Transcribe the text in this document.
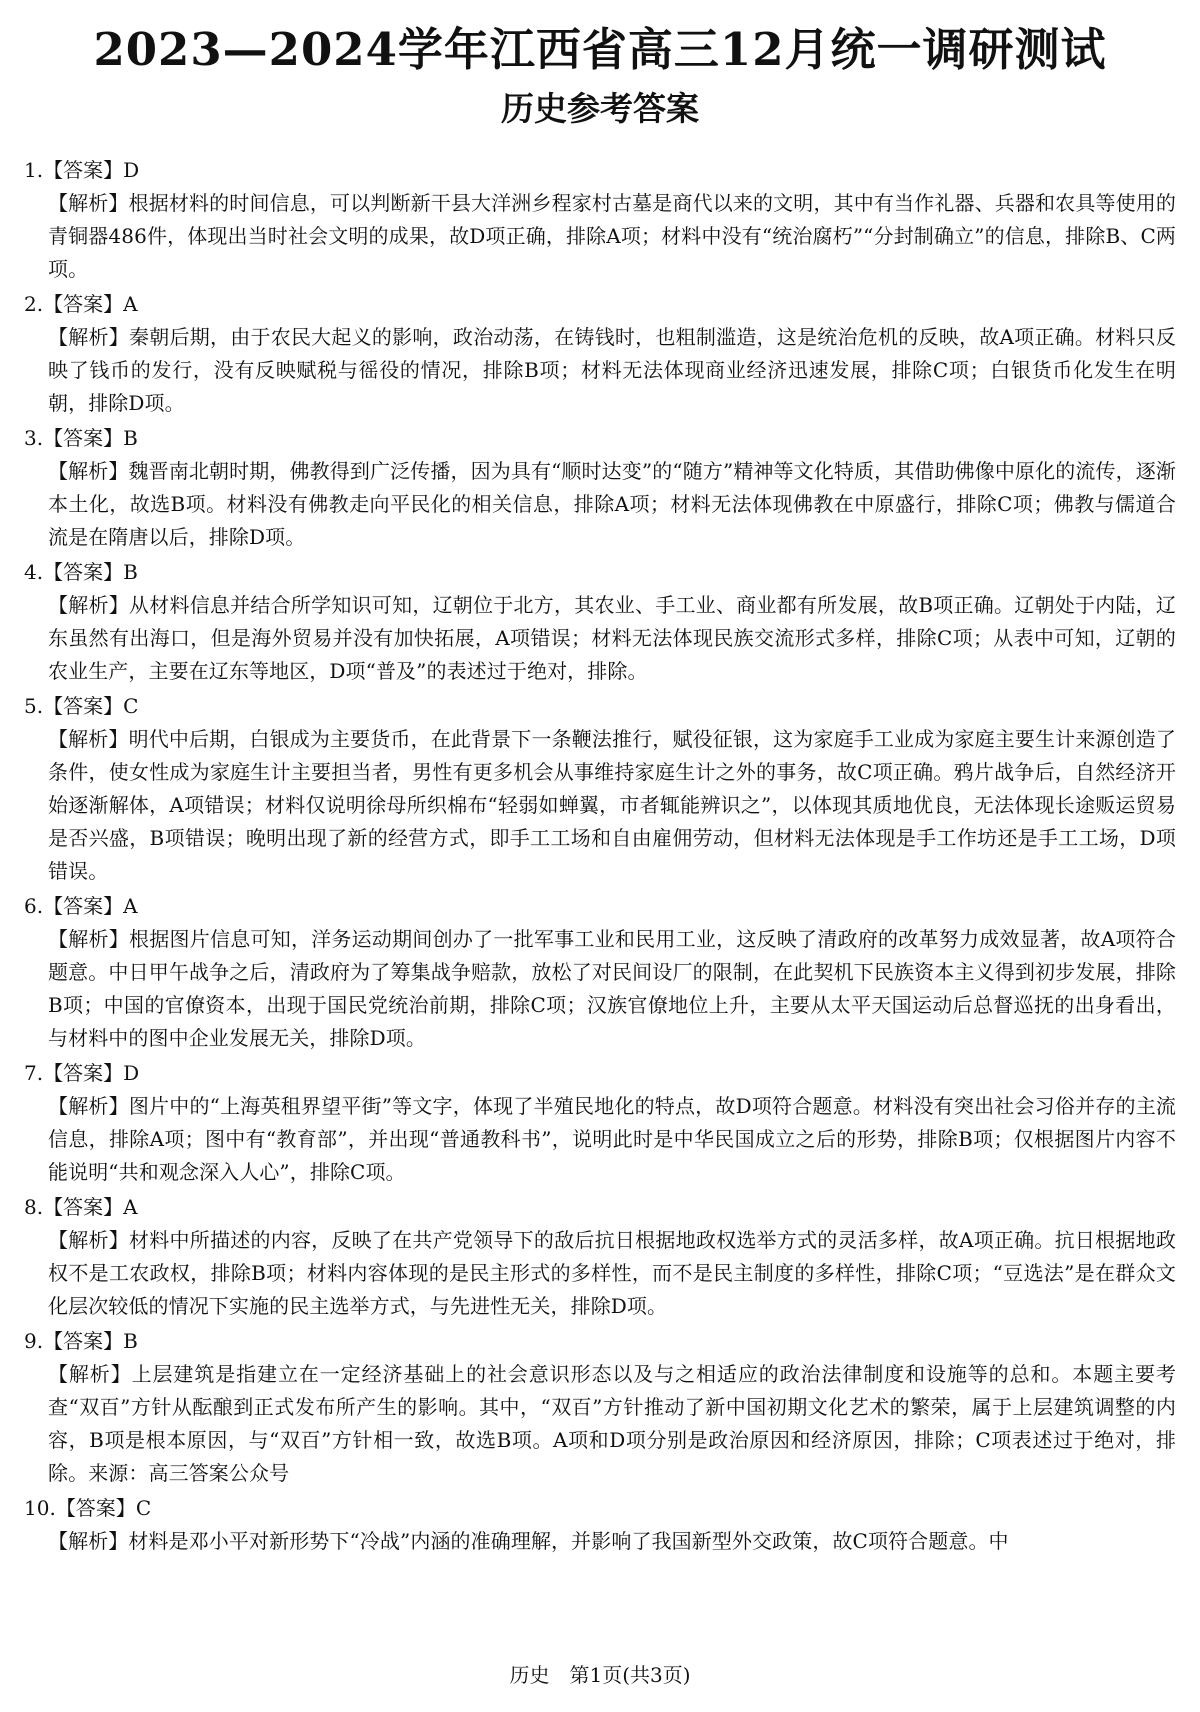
2023—2024学年江西省高三12月统一调研测试
历史参考答案

1.【答案】D

【解析】根据材料的时间信息，可以判断新干县大洋洲乡程家村古墓是商代以来的文明，其中有当作礼器、兵器和农具等使用的青铜器486件，体现出当时社会文明的成果，故D项正确，排除A项；材料中没有“统治腐朽”“分封制确立”的信息，排除B、C两项。

2.【答案】A

【解析】秦朝后期，由于农民大起义的影响，政治动荡，在铸钱时，也粗制滥造，这是统治危机的反映，故A项正确。材料只反映了钱币的发行，没有反映赋税与徭役的情况，排除B项；材料无法体现商业经济迅速发展，排除C项；白银货币化发生在明朝，排除D项。

3.【答案】B

【解析】魏晋南北朝时期，佛教得到广泛传播，因为具有“顺时达变”的“随方”精神等文化特质，其借助佛像中原化的流传，逐渐本土化，故选B项。材料没有佛教走向平民化的相关信息，排除A项；材料无法体现佛教在中原盛行，排除C项；佛教与儒道合流是在隋唐以后，排除D项。

4.【答案】B

【解析】从材料信息并结合所学知识可知，辽朝位于北方，其农业、手工业、商业都有所发展，故B项正确。辽朝处于内陆，辽东虽然有出海口，但是海外贸易并没有加快拓展，A项错误；材料无法体现民族交流形式多样，排除C项；从表中可知，辽朝的农业生产，主要在辽东等地区，D项“普及”的表述过于绝对，排除。

5.【答案】C

【解析】明代中后期，白银成为主要货币，在此背景下一条鞭法推行，赋役征银，这为家庭手工业成为家庭主要生计来源创造了条件，使女性成为家庭生计主要担当者，男性有更多机会从事维持家庭生计之外的事务，故C项正确。鸦片战争后，自然经济开始逐渐解体，A项错误；材料仅说明徐母所织棉布“轻弱如蝉翼，市者辄能辨识之”，以体现其质地优良，无法体现长途贩运贸易是否兴盛，B项错误；晚明出现了新的经营方式，即手工工场和自由雇佣劳动，但材料无法体现是手工作坊还是手工工场，D项错误。

6.【答案】A

【解析】根据图片信息可知，洋务运动期间创办了一批军事工业和民用工业，这反映了清政府的改革努力成效显著，故A项符合题意。中日甲午战争之后，清政府为了筹集战争赔款，放松了对民间设厂的限制，在此契机下民族资本主义得到初步发展，排除B项；中国的官僚资本，出现于国民党统治前期，排除C项；汉族官僚地位上升，主要从太平天国运动后总督巡抚的出身看出，与材料中的图中企业发展无关，排除D项。

7.【答案】D

【解析】图片中的“上海英租界望平街”等文字，体现了半殖民地化的特点，故D项符合题意。材料没有突出社会习俗并存的主流信息，排除A项；图中有“教育部”，并出现“普通教科书”，说明此时是中华民国成立之后的形势，排除B项；仅根据图片内容不能说明“共和观念深入人心”，排除C项。

8.【答案】A

【解析】材料中所描述的内容，反映了在共产党领导下的敌后抗日根据地政权选举方式的灵活多样，故A项正确。抗日根据地政权不是工农政权，排除B项；材料内容体现的是民主形式的多样性，而不是民主制度的多样性，排除C项；“豆选法”是在群众文化层次较低的情况下实施的民主选举方式，与先进性无关，排除D项。

9.【答案】B

【解析】上层建筑是指建立在一定经济基础上的社会意识形态以及与之相适应的政治法律制度和设施等的总和。本题主要考查“双百”方针从酝酿到正式发布所产生的影响。其中，“双百”方针推动了新中国初期文化艺术的繁荣，属于上层建筑调整的内容，B项是根本原因，与“双百”方针相一致，故选B项。A项和D项分别是政治原因和经济原因，排除；C项表述过于绝对，排除。来源：高三答案公众号

10.【答案】C

【解析】材料是邓小平对新形势下“冷战”内涵的准确理解，并影响了我国新型外交政策，故C项符合题意。中

历史　第1页(共3页)
